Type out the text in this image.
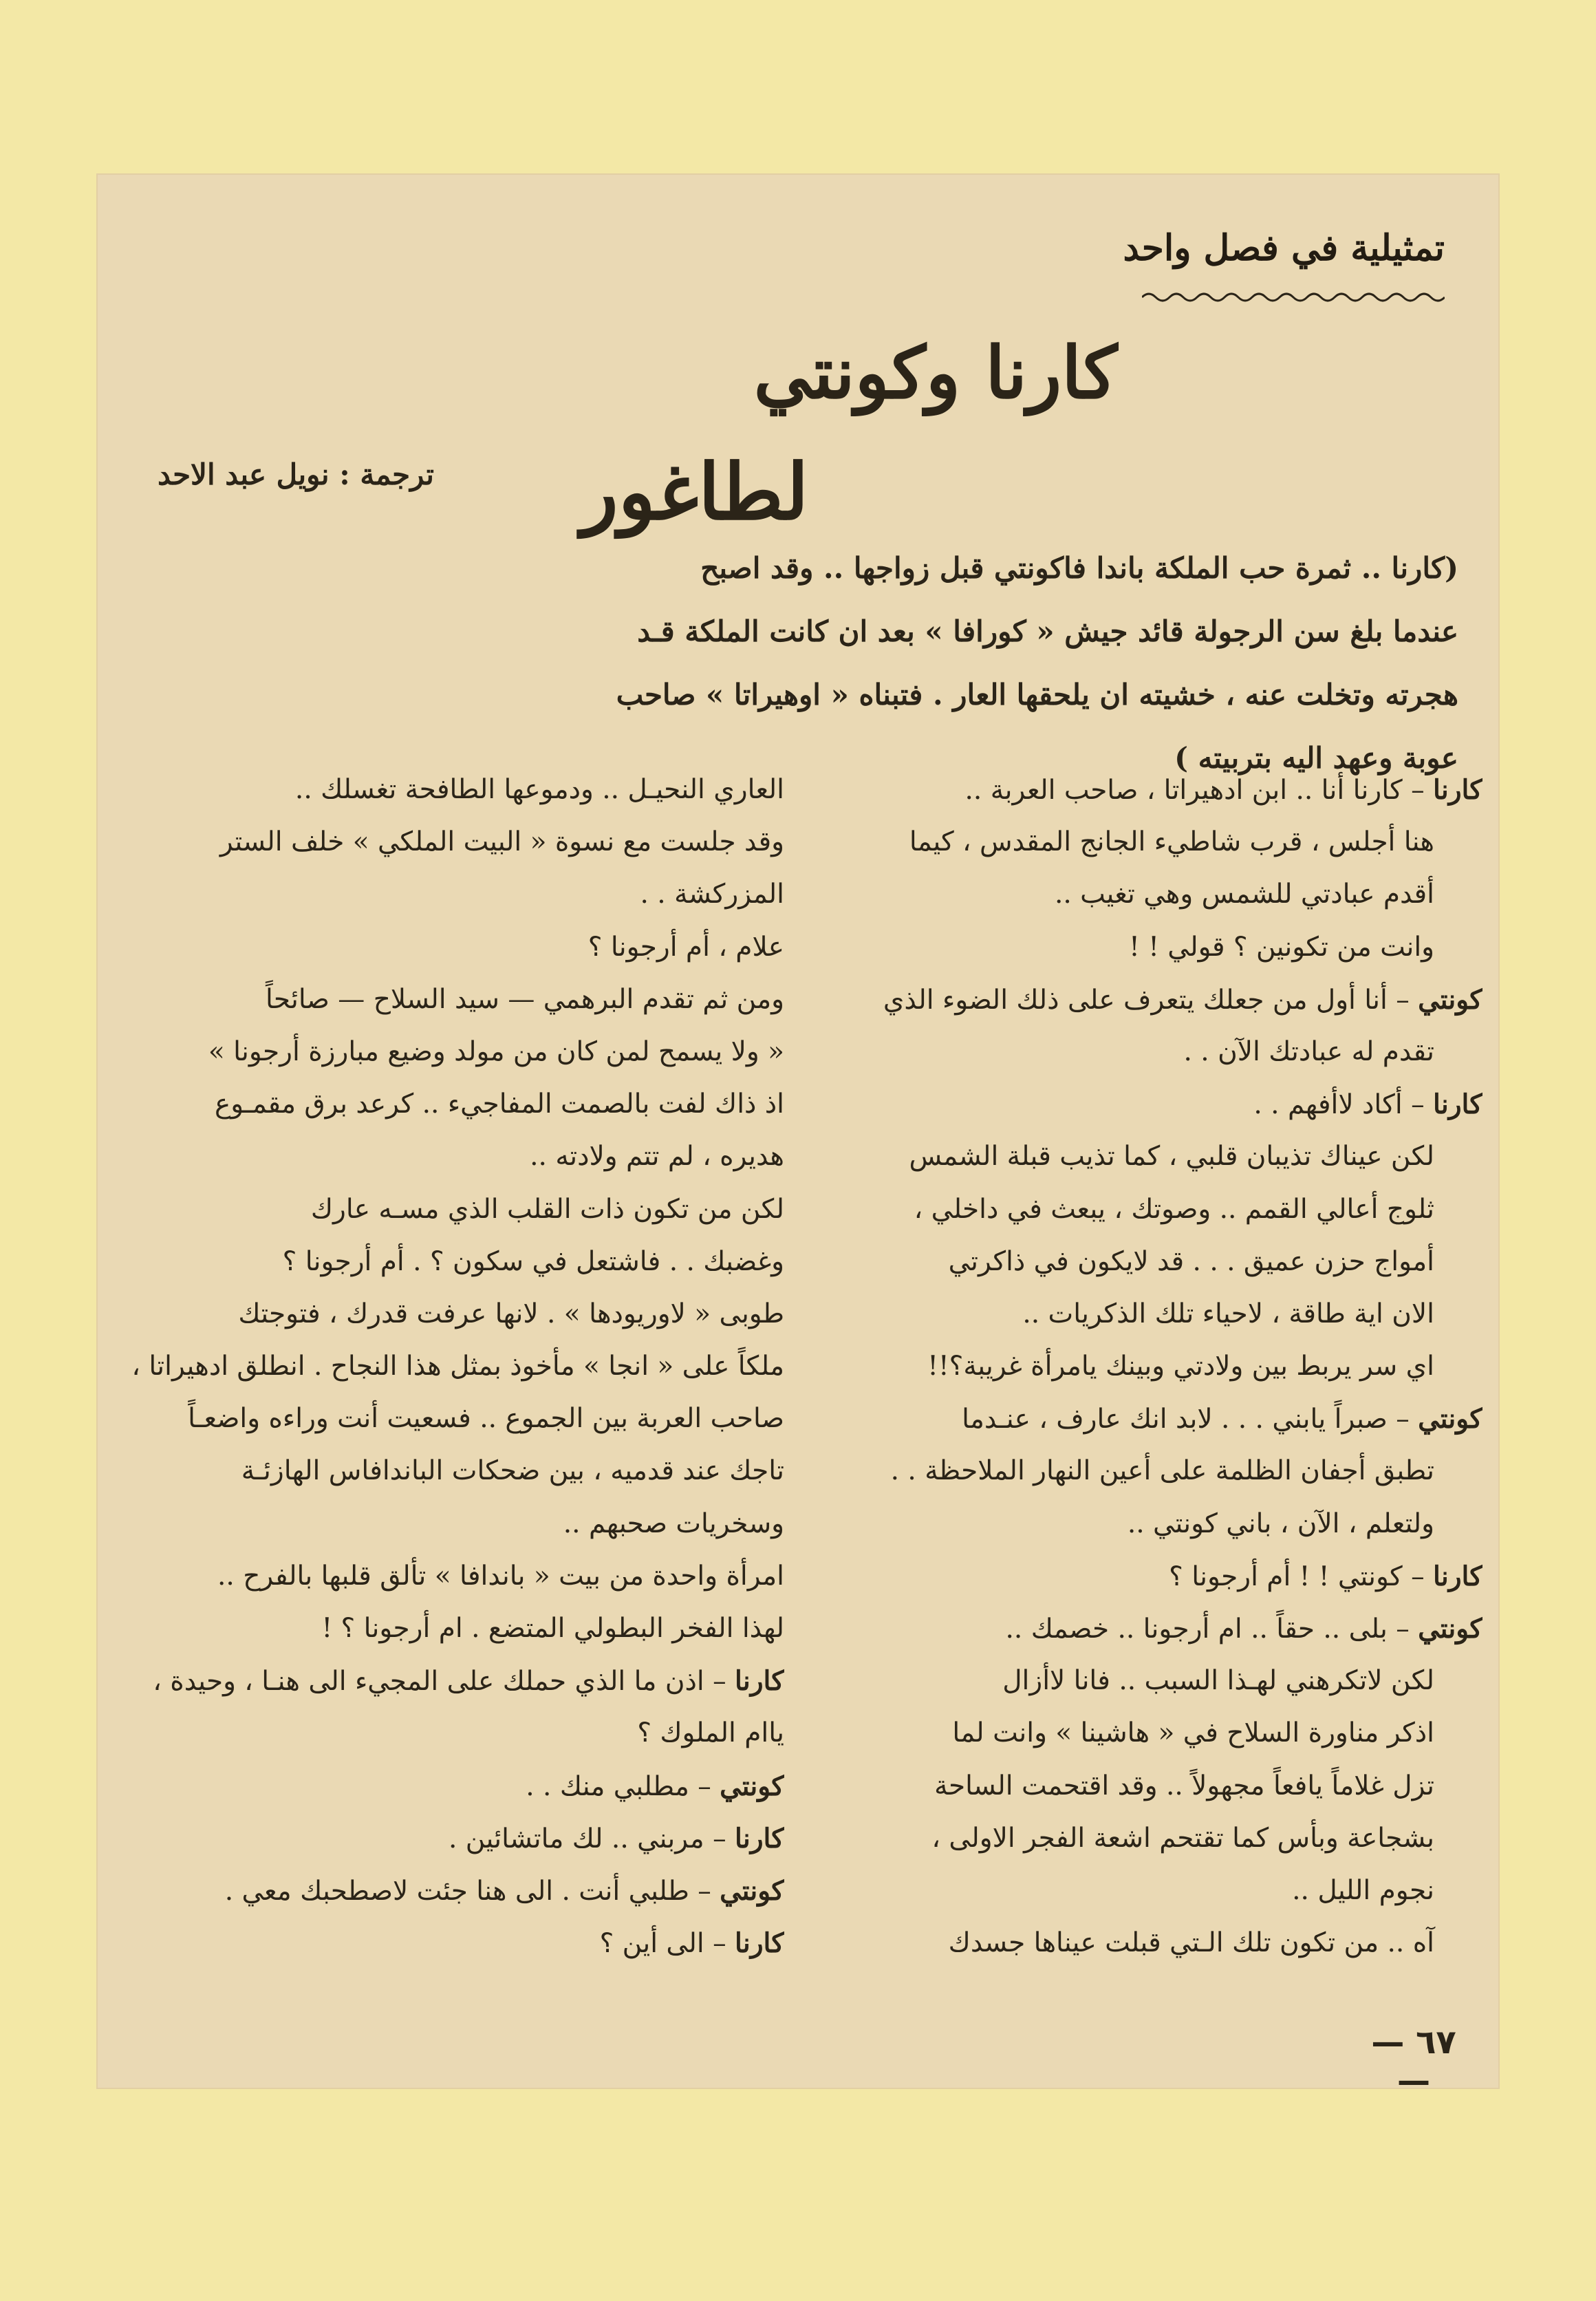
تمثيلية في فصل واحد
كارنا وكونتي
لطاغور
ترجمة : نويل عبد الاحد
(كارنا .. ثمرة حب الملكة باندا فاكونتي قبل زواجها .. وقد اصبح
عندما بلغ سن الرجولة قائد جيش « كورافا » بعد ان كانت الملكة قـد
هجرته وتخلت عنه ، خشيته ان يلحقها العار . فتبناه « اوهيراتا » صاحب
عوبة وعهد اليه بتربيته )
كارنا – كارنا أنا .. ابن ادهيراتا ، صاحب العربة ..
هنا أجلس ، قرب شاطيء الجانج المقدس ، كيما
أقدم عبادتي للشمس وهي تغيب ..
وانت من تكونين ؟ قولي ! !
كونتي – أنا أول من جعلك يتعرف على ذلك الضوء الذي
تقدم له عبادتك الآن . .
كارنا – أكاد لاأفهم . .
لكن عيناك تذيبان قلبي ، كما تذيب قبلة الشمس
ثلوج أعالي القمم .. وصوتك ، يبعث في داخلي ،
أمواج حزن عميق . . . قد لايكون في ذاكرتي
الان اية طاقة ، لاحياء تلك الذكريات ..
اي سر يربط بين ولادتي وبينك يامرأة غريبة؟!!
كونتي – صبراً يابني . . . لابد انك عارف ، عنـدما
تطبق أجفان الظلمة على أعين النهار الملاحظة . .
ولتعلم ، الآن ، باني كونتي ..
كارنا – كونتي ! ! أم أرجونا ؟
كونتي – بلى .. حقاً .. ام أرجونا .. خصمك ..
لكن لاتكرهني لهـذا السبب .. فانا لاأزال
اذكر مناورة السلاح في « هاشينا » وانت لما
تزل غلاماً يافعاً مجهولاً .. وقد اقتحمت الساحة
بشجاعة وبأس كما تقتحم اشعة الفجر الاولى ،
نجوم الليل ..
آه .. من تكون تلك الـتي قبلت عيناها جسدك
العاري النحيـل .. ودموعها الطافحة تغسلك ..
وقد جلست مع نسوة « البيت الملكي » خلف الستر
المزركشة . .
علام ، أم أرجونا ؟
ومن ثم تقدم البرهمي — سيد السلاح — صائحاً
« ولا يسمح لمن كان من مولد وضيع مبارزة أرجونا »
اذ ذاك لفت بالصمت المفاجيء .. كرعد برق مقمـوع
هديره ، لم تتم ولادته ..
لكن من تكون ذات القلب الذي مسـه عارك
وغضبك . . فاشتعل في سكون ؟ . أم أرجونا ؟
طوبى « لاوريودها » . لانها عرفت قدرك ، فتوجتك
ملكاً على « انجا » مأخوذ بمثل هذا النجاح . انطلق ادهيراتا ،
صاحب العربة بين الجموع .. فسعيت أنت وراءه واضعـاً
تاجك عند قدميه ، بين ضحكات الباندافاس الهازئـة
وسخريات صحبهم ..
امرأة واحدة من بيت « باندافا » تألق قلبها بالفرح ..
لهذا الفخر البطولي المتضع . ام أرجونا ؟ !
كارنا – اذن ما الذي حملك على المجيء الى هنـا ، وحيدة ،
ياام الملوك ؟
كونتي – مطلبي منك . .
كارنا – مربني .. لك ماتشائين .
كونتي – طلبي أنت . الى هنا جئت لاصطحبك معي .
كارنا – الى أين ؟
— ٦٧ —
